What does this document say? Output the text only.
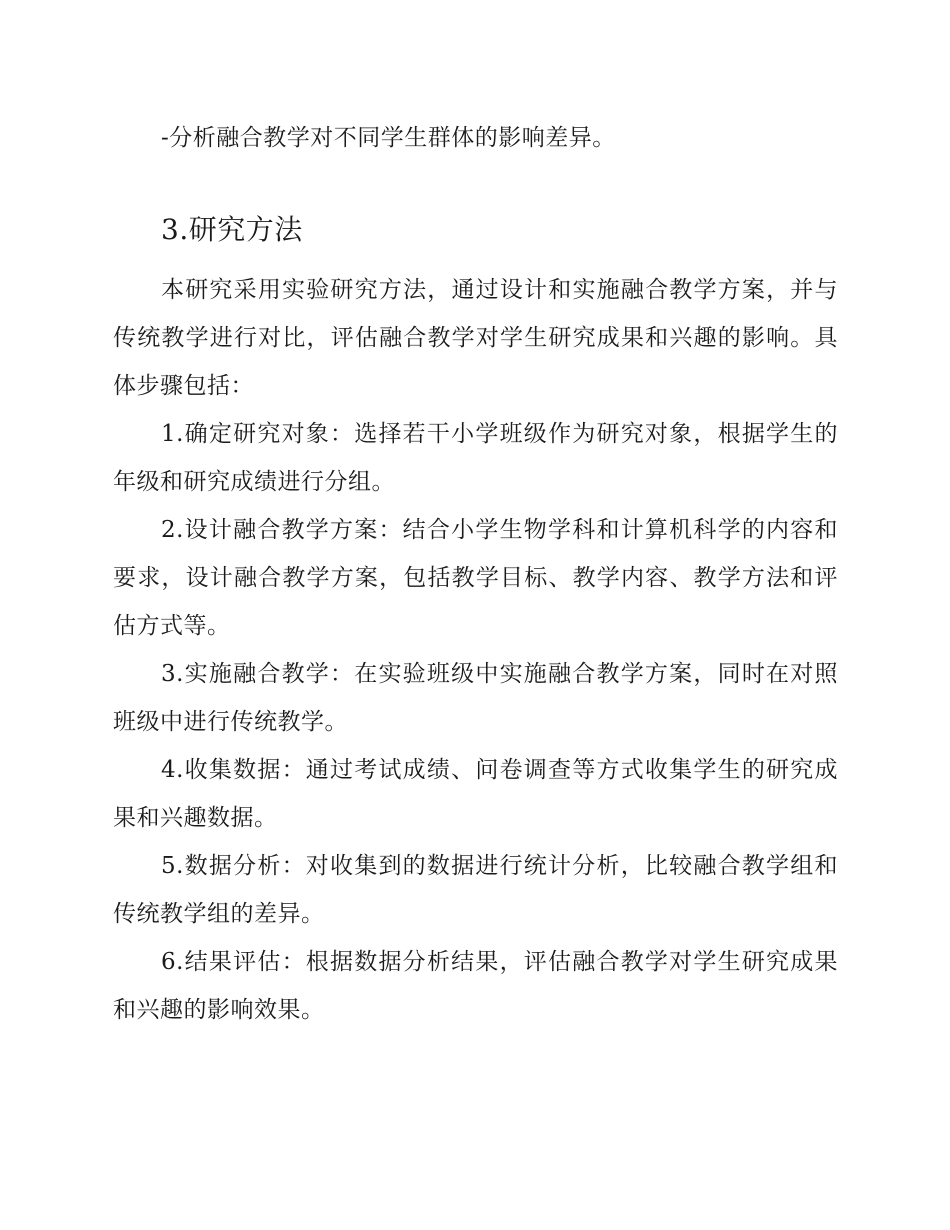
-分析融合教学对不同学生群体的影响差异。

3.研究方法

本研究采用实验研究方法，通过设计和实施融合教学方案，并与传统教学进行对比，评估融合教学对学生研究成果和兴趣的影响。具体步骤包括：

1.确定研究对象：选择若干小学班级作为研究对象，根据学生的年级和研究成绩进行分组。

2.设计融合教学方案：结合小学生物学科和计算机科学的内容和要求，设计融合教学方案，包括教学目标、教学内容、教学方法和评估方式等。

3.实施融合教学：在实验班级中实施融合教学方案，同时在对照班级中进行传统教学。

4.收集数据：通过考试成绩、问卷调查等方式收集学生的研究成果和兴趣数据。

5.数据分析：对收集到的数据进行统计分析，比较融合教学组和传统教学组的差异。

6.结果评估：根据数据分析结果，评估融合教学对学生研究成果和兴趣的影响效果。
